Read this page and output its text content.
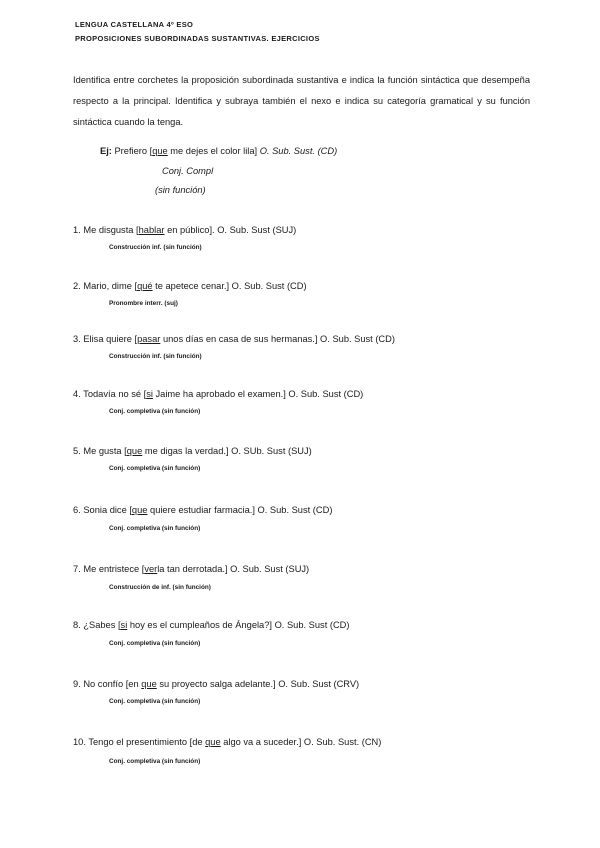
LENGUA CASTELLANA 4º ESO
PROPOSICIONES SUBORDINADAS SUSTANTIVAS. EJERCICIOS
Identifica entre corchetes la proposición subordinada sustantiva e indica la función sintáctica que desempeña respecto a la principal. Identifica y subraya también el nexo e indica su categoría gramatical y su función sintáctica cuando la tenga.
Ej: Prefiero [que me dejes el color lila] O. Sub. Sust. (CD)
Conj. Compl
(sin función)
1. Me disgusta [hablar en público]. O. Sub. Sust (SUJ)
Construcción inf. (sin función)
2. Mario, dime [qué te apetece cenar.] O. Sub. Sust (CD)
Pronombre interr. (suj)
3. Elisa quiere [pasar unos días en casa de sus hermanas.] O. Sub. Sust (CD)
Construcción inf. (sin función)
4. Todavía no sé [si Jaime ha aprobado el examen.] O. Sub. Sust (CD)
Conj. completiva (sin función)
5. Me gusta [que me digas la verdad.] O. SUb. Sust (SUJ)
Conj. completiva (sin función)
6. Sonia dice [que quiere estudiar farmacia.] O. Sub. Sust (CD)
Conj. completiva (sin función)
7. Me entristece [verla tan derrotada.] O. Sub. Sust (SUJ)
Construcción de inf. (sin función)
8. ¿Sabes [si hoy es el cumpleaños de Ángela?] O. Sub. Sust (CD)
Conj. completiva (sin función)
9. No confío [en que su proyecto salga adelante.] O. Sub. Sust (CRV)
Conj. completiva (sin función)
10. Tengo el presentimiento [de que algo va a suceder.] O. Sub. Sust. (CN)
Conj. completiva (sin función)
